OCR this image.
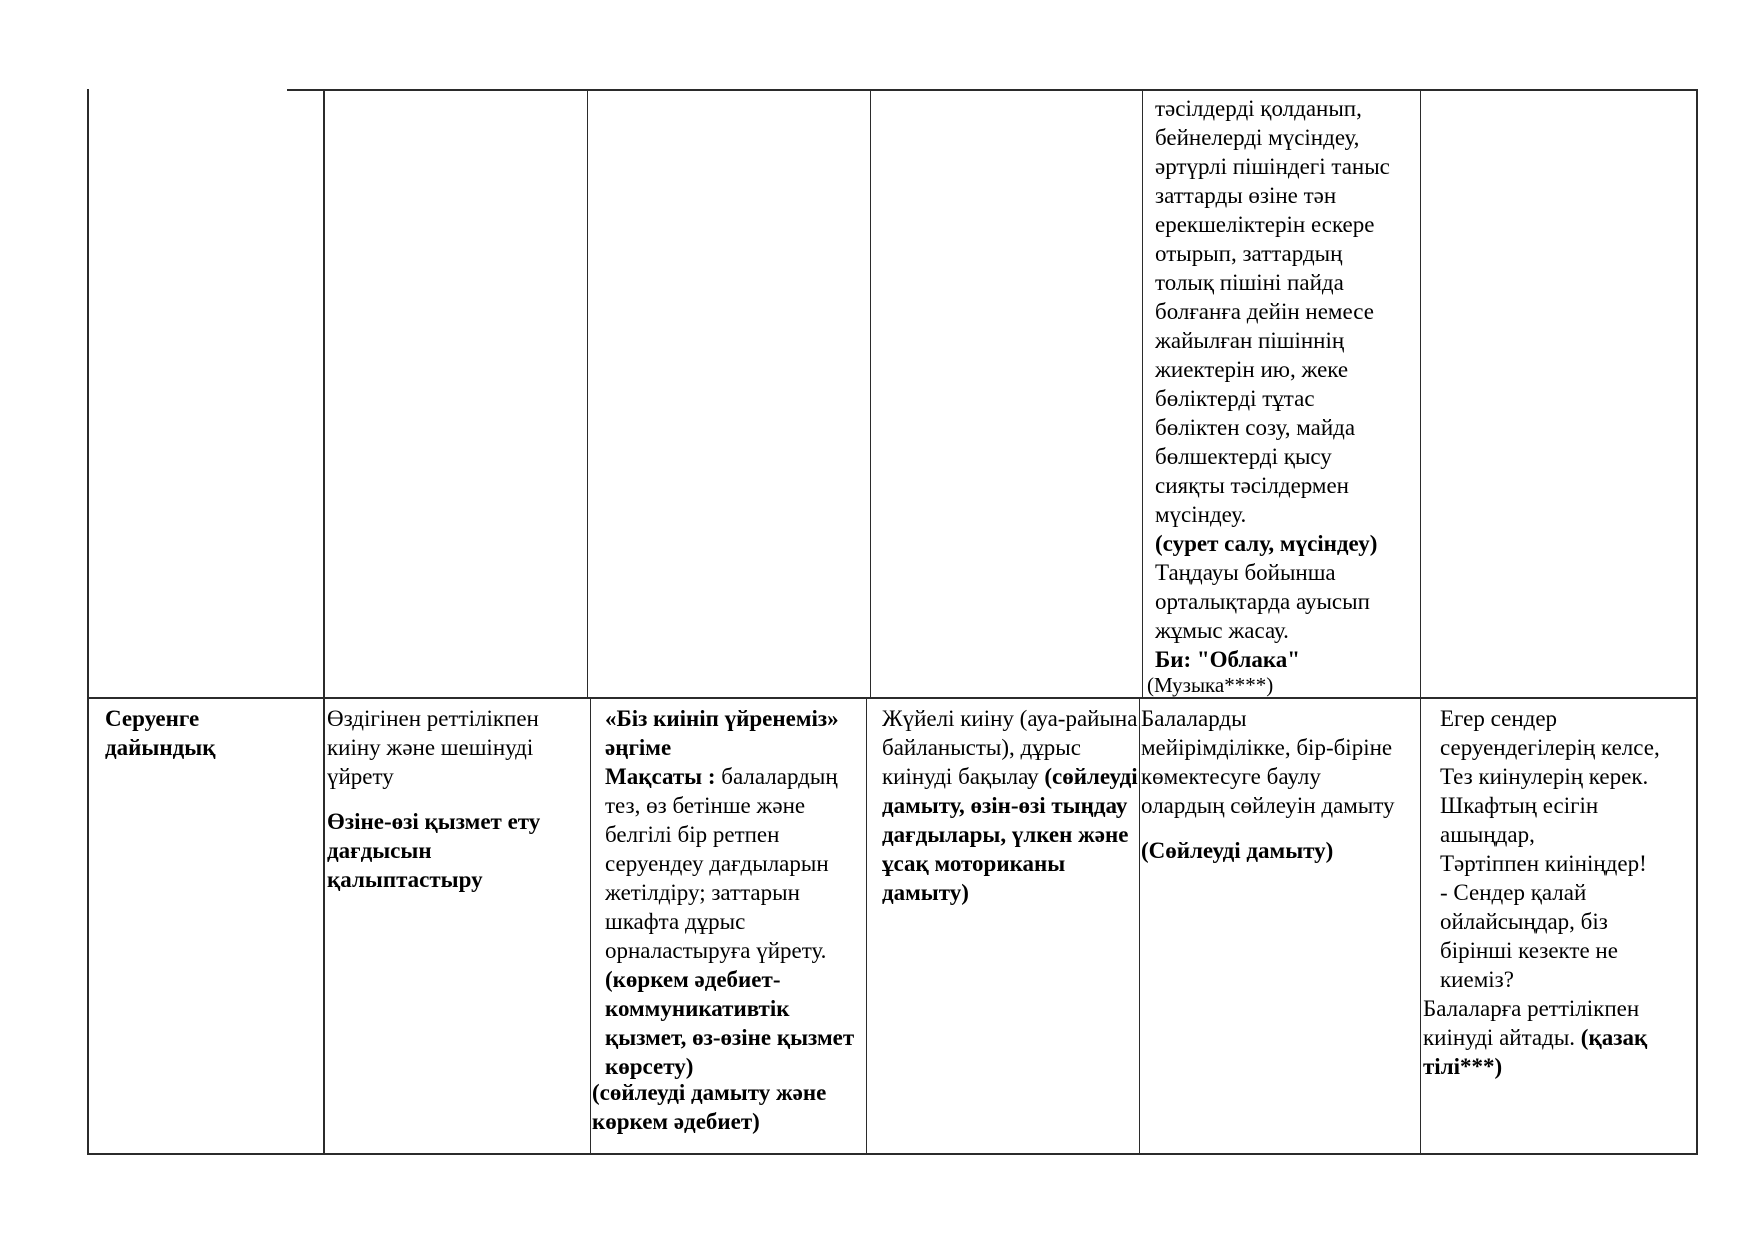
тәсілдерді қолданып,
бейнелерді мүсіндеу,
әртүрлі пішіндегі таныс
заттарды өзіне тән
ерекшеліктерін ескере
отырып, заттардың
толық пішіні пайда
болғанға дейін немесе
жайылған пішіннің
жиектерін ию, жеке
бөліктерді тұтас
бөліктен созу, майда
бөлшектерді қысу
сияқты тәсілдермен
мүсіндеу.
(сурет салу, мүсіндеу)
Таңдауы бойынша
орталықтарда ауысып
жұмыс жасау.
Би: "Облака"
(Музыка****)
Серуенге
дайындық
Өздігінен реттілікпен
киіну және шешінуді
үйрету
Өзіне-өзі қызмет ету
дағдысын
қалыптастыру
«Біз киініп үйренеміз»
әңгіме
Мақсаты : балалардың
тез, өз бетінше және
белгілі бір ретпен
серуендеу дағдыларын
жетілдіру; заттарын
шкафта дұрыс
орналастыруға үйрету.
(көркем әдебиет-
коммуникативтік
қызмет, өз-өзіне қызмет
көрсету)
(сөйлеуді дамыту және
көркем әдебиет)
Жүйелі киіну (ауа-райына
байланысты), дұрыс
киінуді бақылау (сөйлеуді
дамыту, өзін-өзі тыңдау
дағдылары, үлкен және
ұсақ моториканы
дамыту)
Балаларды
мейірімділікке, бір-біріне
көмектесуге баулу
олардың сөйлеуін дамыту
(Сөйлеуді дамыту)
Егер сендер
серуендегілерің келсе,
Тез киінулерің керек.
Шкафтың есігін
ашыңдар,
Тәртіппен киініңдер!
- Сендер қалай
ойлайсыңдар, біз
бірінші кезекте не
киеміз?
Балаларға реттілікпен
киінуді айтады. (қазақ
тілі***)
